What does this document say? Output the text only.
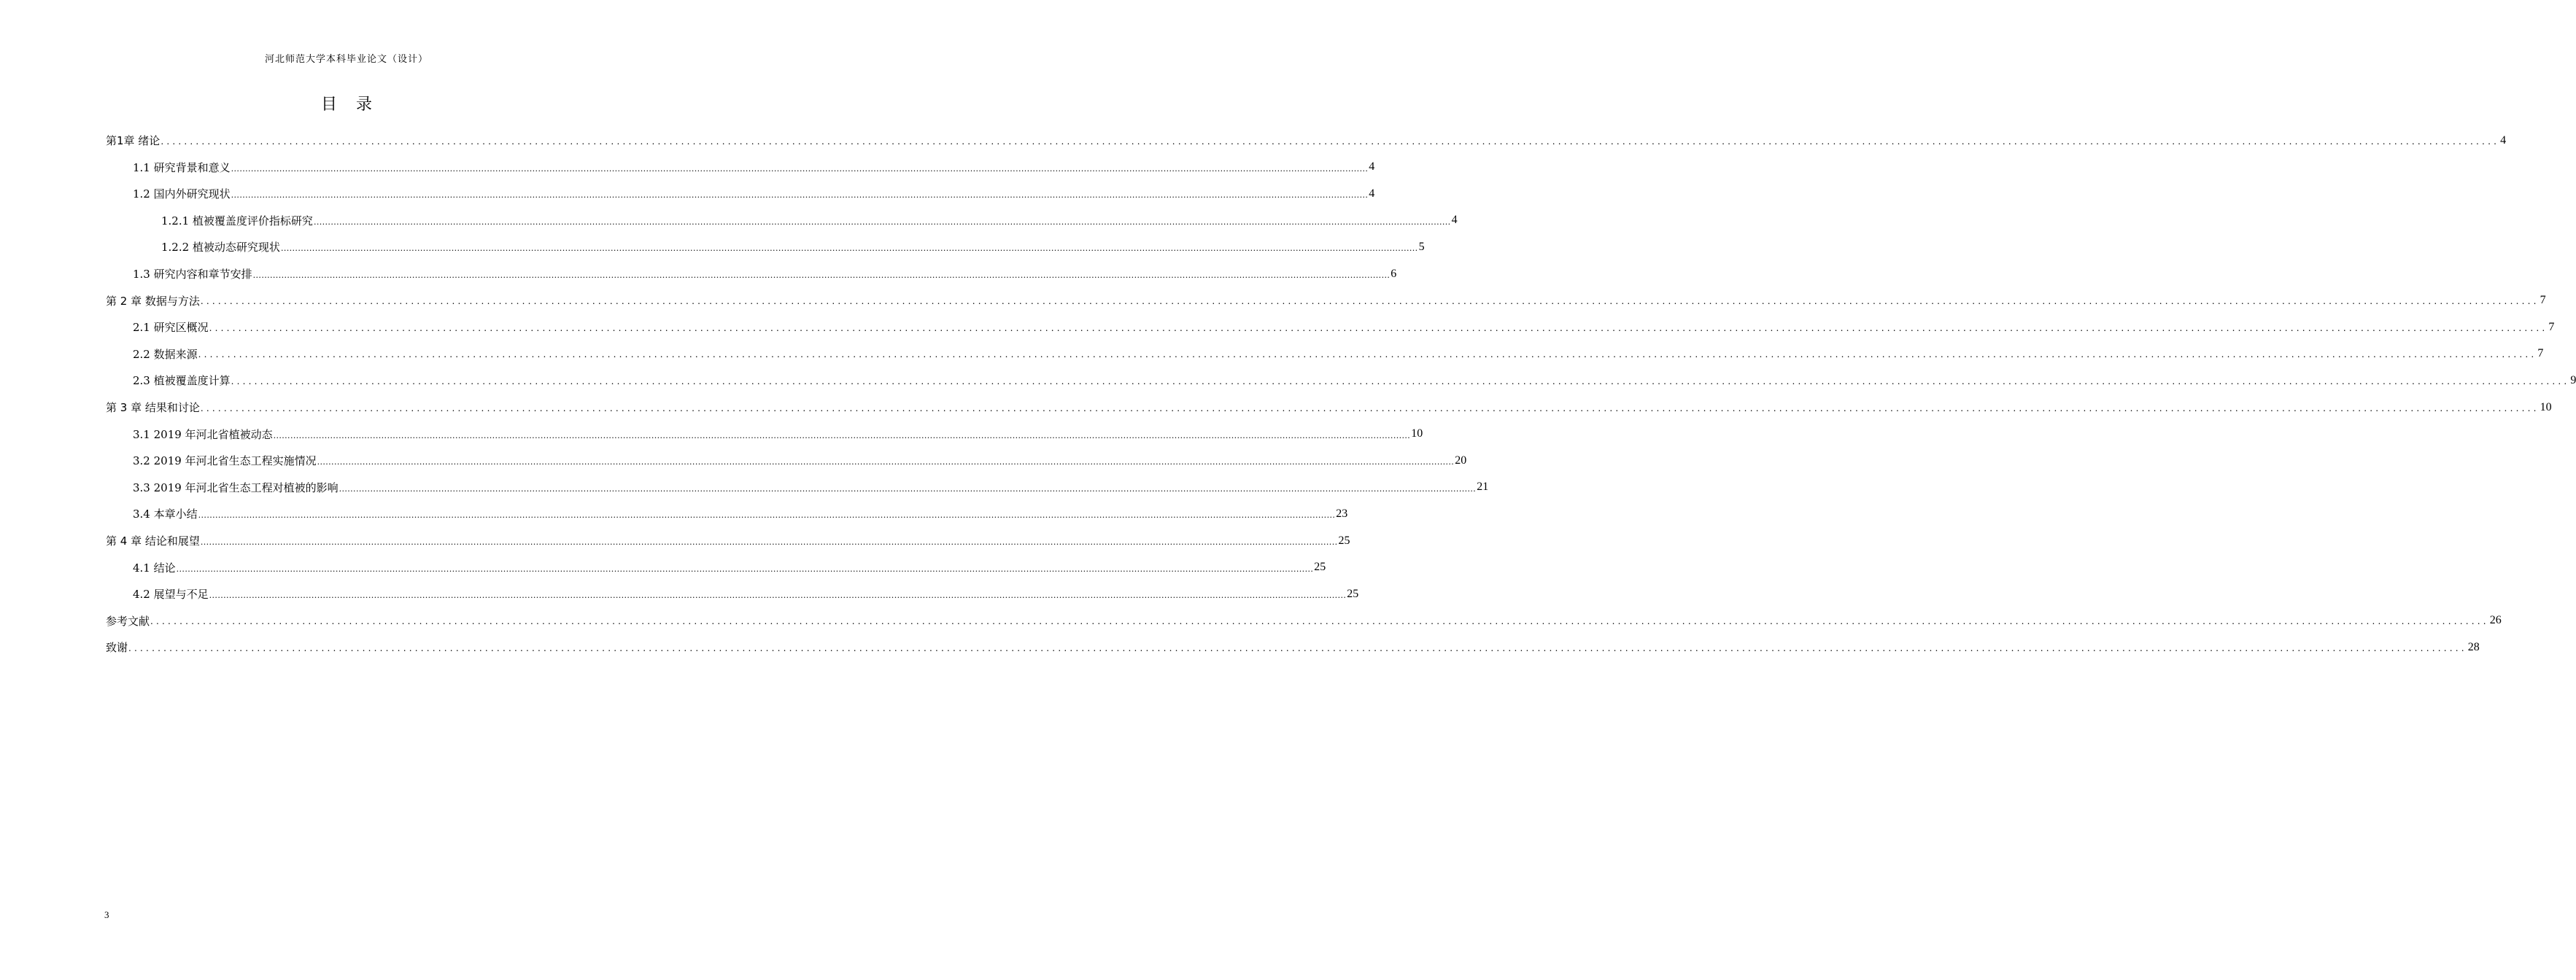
河北师范大学本科毕业论文（设计）
目 录
第1章 绪论 ................................................................................................................................................................................................................................................................................................................................................................................................................ 4
1.1 研究背景和意义 ................................................................................................................................................................................................................................................................................................................................................................................................................ 4
1.2 国内外研究现状 ................................................................................................................................................................................................................................................................................................................................................................................................................ 4
1.2.1 植被覆盖度评价指标研究 ................................................................................................................................................................................................................................................................................................................................................................................................................ 4
1.2.2 植被动态研究现状 ................................................................................................................................................................................................................................................................................................................................................................................................................ 5
1.3 研究内容和章节安排 ................................................................................................................................................................................................................................................................................................................................................................................................................ 6
第 2 章 数据与方法 ................................................................................................................................................................................................................................................................................................................................................................................................................ 7
2.1 研究区概况 ................................................................................................................................................................................................................................................................................................................................................................................................................ 7
2.2 数据来源 ................................................................................................................................................................................................................................................................................................................................................................................................................ 7
2.3 植被覆盖度计算 ................................................................................................................................................................................................................................................................................................................................................................................................................ 9
第 3 章 结果和讨论 ................................................................................................................................................................................................................................................................................................................................................................................................................ 10
3.1 2019 年河北省植被动态 ................................................................................................................................................................................................................................................................................................................................................................................................................ 10
3.2 2019 年河北省生态工程实施情况 ................................................................................................................................................................................................................................................................................................................................................................................................................ 20
3.3 2019 年河北省生态工程对植被的影响 ................................................................................................................................................................................................................................................................................................................................................................................................................ 21
3.4 本章小结 ................................................................................................................................................................................................................................................................................................................................................................................................................ 23
第 4 章 结论和展望 ................................................................................................................................................................................................................................................................................................................................................................................................................ 25
4.1 结论 ................................................................................................................................................................................................................................................................................................................................................................................................................ 25
4.2 展望与不足 ................................................................................................................................................................................................................................................................................................................................................................................................................ 25
参考文献 ................................................................................................................................................................................................................................................................................................................................................................................................................ 26
致谢 ................................................................................................................................................................................................................................................................................................................................................................................................................ 28
3
